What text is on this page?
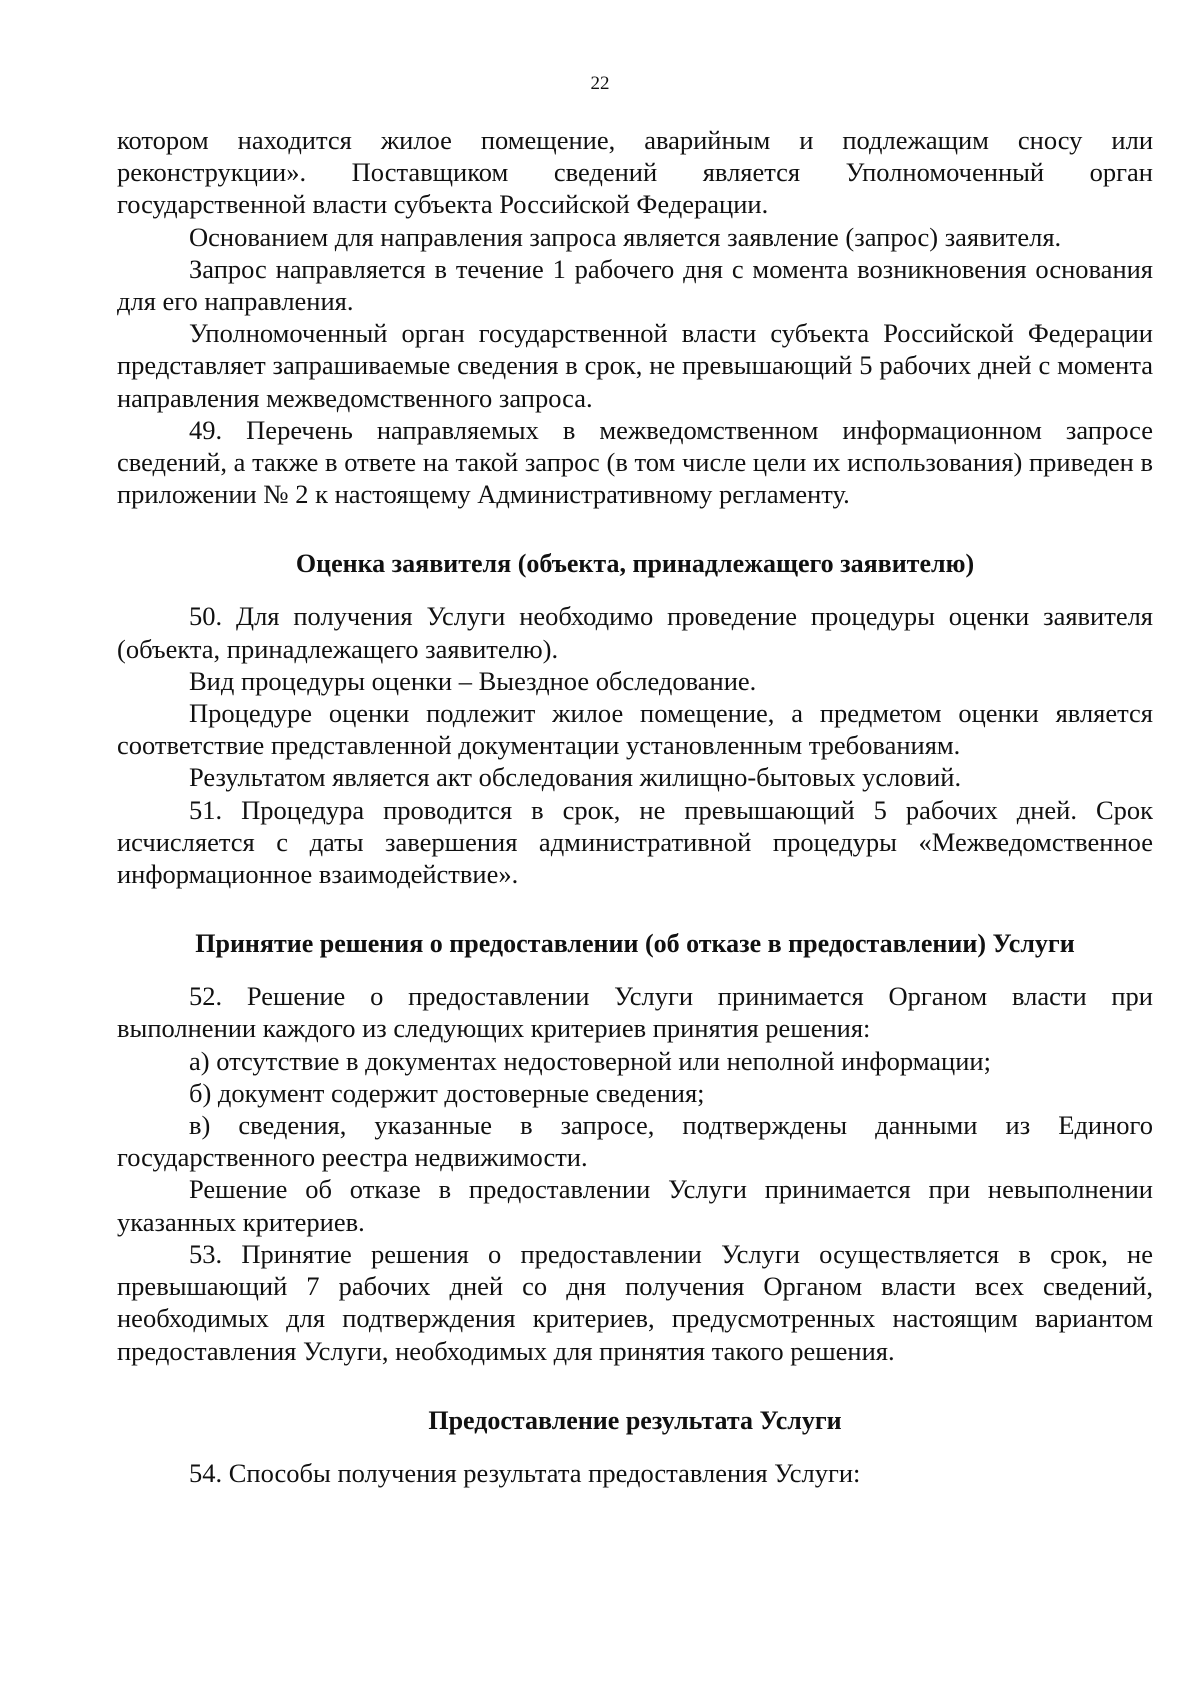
22

котором находится жилое помещение, аварийным и подлежащим сносу или реконструкции». Поставщиком сведений является Уполномоченный орган государственной власти субъекта Российской Федерации.

Основанием для направления запроса является заявление (запрос) заявителя.

Запрос направляется в течение 1 рабочего дня с момента возникновения основания для его направления.

Уполномоченный орган государственной власти субъекта Российской Федерации представляет запрашиваемые сведения в срок, не превышающий 5 рабочих дней с момента направления межведомственного запроса.

49. Перечень направляемых в межведомственном информационном запросе сведений, а также в ответе на такой запрос (в том числе цели их использования) приведен в приложении № 2 к настоящему Административному регламенту.

Оценка заявителя (объекта, принадлежащего заявителю)

50. Для получения Услуги необходимо проведение процедуры оценки заявителя (объекта, принадлежащего заявителю).

Вид процедуры оценки – Выездное обследование.

Процедуре оценки подлежит жилое помещение, а предметом оценки является соответствие представленной документации установленным требованиям.

Результатом является акт обследования жилищно-бытовых условий.

51. Процедура проводится в срок, не превышающий 5 рабочих дней. Срок исчисляется с даты завершения административной процедуры «Межведомственное информационное взаимодействие».

Принятие решения о предоставлении (об отказе в предоставлении) Услуги

52. Решение о предоставлении Услуги принимается Органом власти при выполнении каждого из следующих критериев принятия решения:

а) отсутствие в документах недостоверной или неполной информации;

б) документ содержит достоверные сведения;

в) сведения, указанные в запросе, подтверждены данными из Единого государственного реестра недвижимости.

Решение об отказе в предоставлении Услуги принимается при невыполнении указанных критериев.

53. Принятие решения о предоставлении Услуги осуществляется в срок, не превышающий 7 рабочих дней со дня получения Органом власти всех сведений, необходимых для подтверждения критериев, предусмотренных настоящим вариантом предоставления Услуги, необходимых для принятия такого решения.

Предоставление результата Услуги

54. Способы получения результата предоставления Услуги:
